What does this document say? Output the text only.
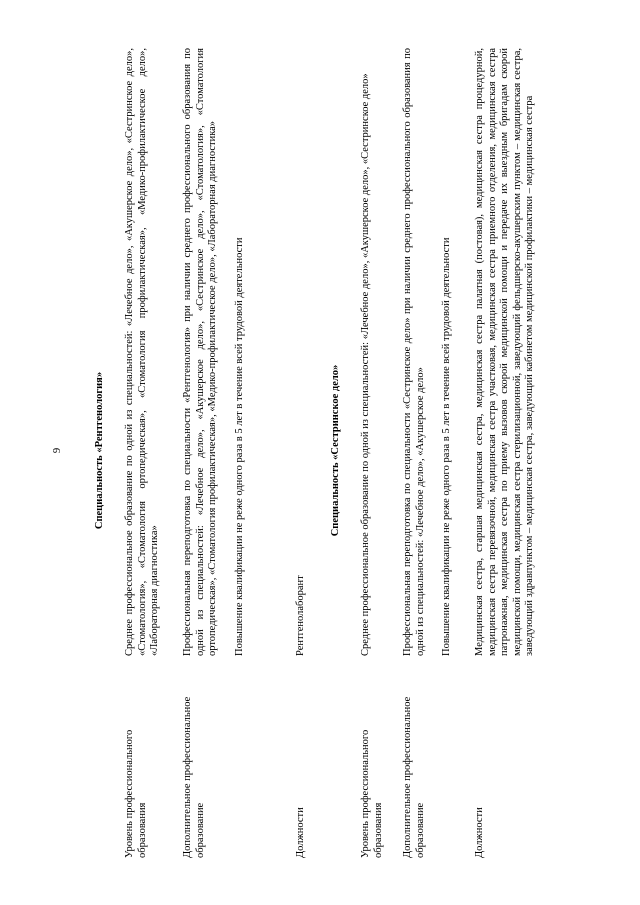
9	Специальность «Рентгенология»
Уровень профессионального образования

Среднее профессиональное образование по одной из специальностей: «Лечебное дело», «Акушерское дело», «Сестринское дело», «Стоматология», «Стоматология ортопедическая», «Стоматология профилактическая», «Медико-профилактическое дело», «Лабораторная диагностика»

Дополнительное профессиональное образование

Профессиональная переподготовка по специальности «Рентгенология» при наличии среднего профессионального образования по одной из специальностей: «Лечебное дело», «Акушерское дело», «Сестринское дело», «Стоматология», «Стоматология ортопедическая», «Стоматология профилактическая», «Медико-профилактическое дело», «Лабораторная диагностика» Повышение квалификации не реже одного раза в 5 лет в течение всей трудовой деятельности

Должности

Рентгенолаборант

Специальность «Сестринское дело»
Уровень профессионального образования

Среднее профессиональное образование по одной из специальностей: «Лечебное дело», «Акушерское дело», «Сестринское дело»

Дополнительное профессиональное образование

Профессиональная переподготовка по специальности «Сестринское дело» при наличии среднего профессионального образования по одной из специальностей: «Лечебное дело», «Акушерское дело» Повышение квалификации не реже одного раза в 5 лет в течение всей трудовой деятельности

Должности

Медицинская сестра, старшая медицинская сестра, медицинская сестра палатная (постовая), медицинская сестра процедурной, медицинская сестра перевязочной, медицинская сестра участковая, медицинская сестра приемного отделения, медицинская сестра патронажная, медицинская сестра по приему вызовов скорой медицинской помощи и передаче их выездным бригадам скорой медицинской помощи, медицинская сестра стерилизационной, заведующий фельдшерско-акушерским пунктом – медицинская сестра, заведующий здравпунктом – медицинская сестра, заведующий кабинетом медицинской профилактики – медицинская сестра
